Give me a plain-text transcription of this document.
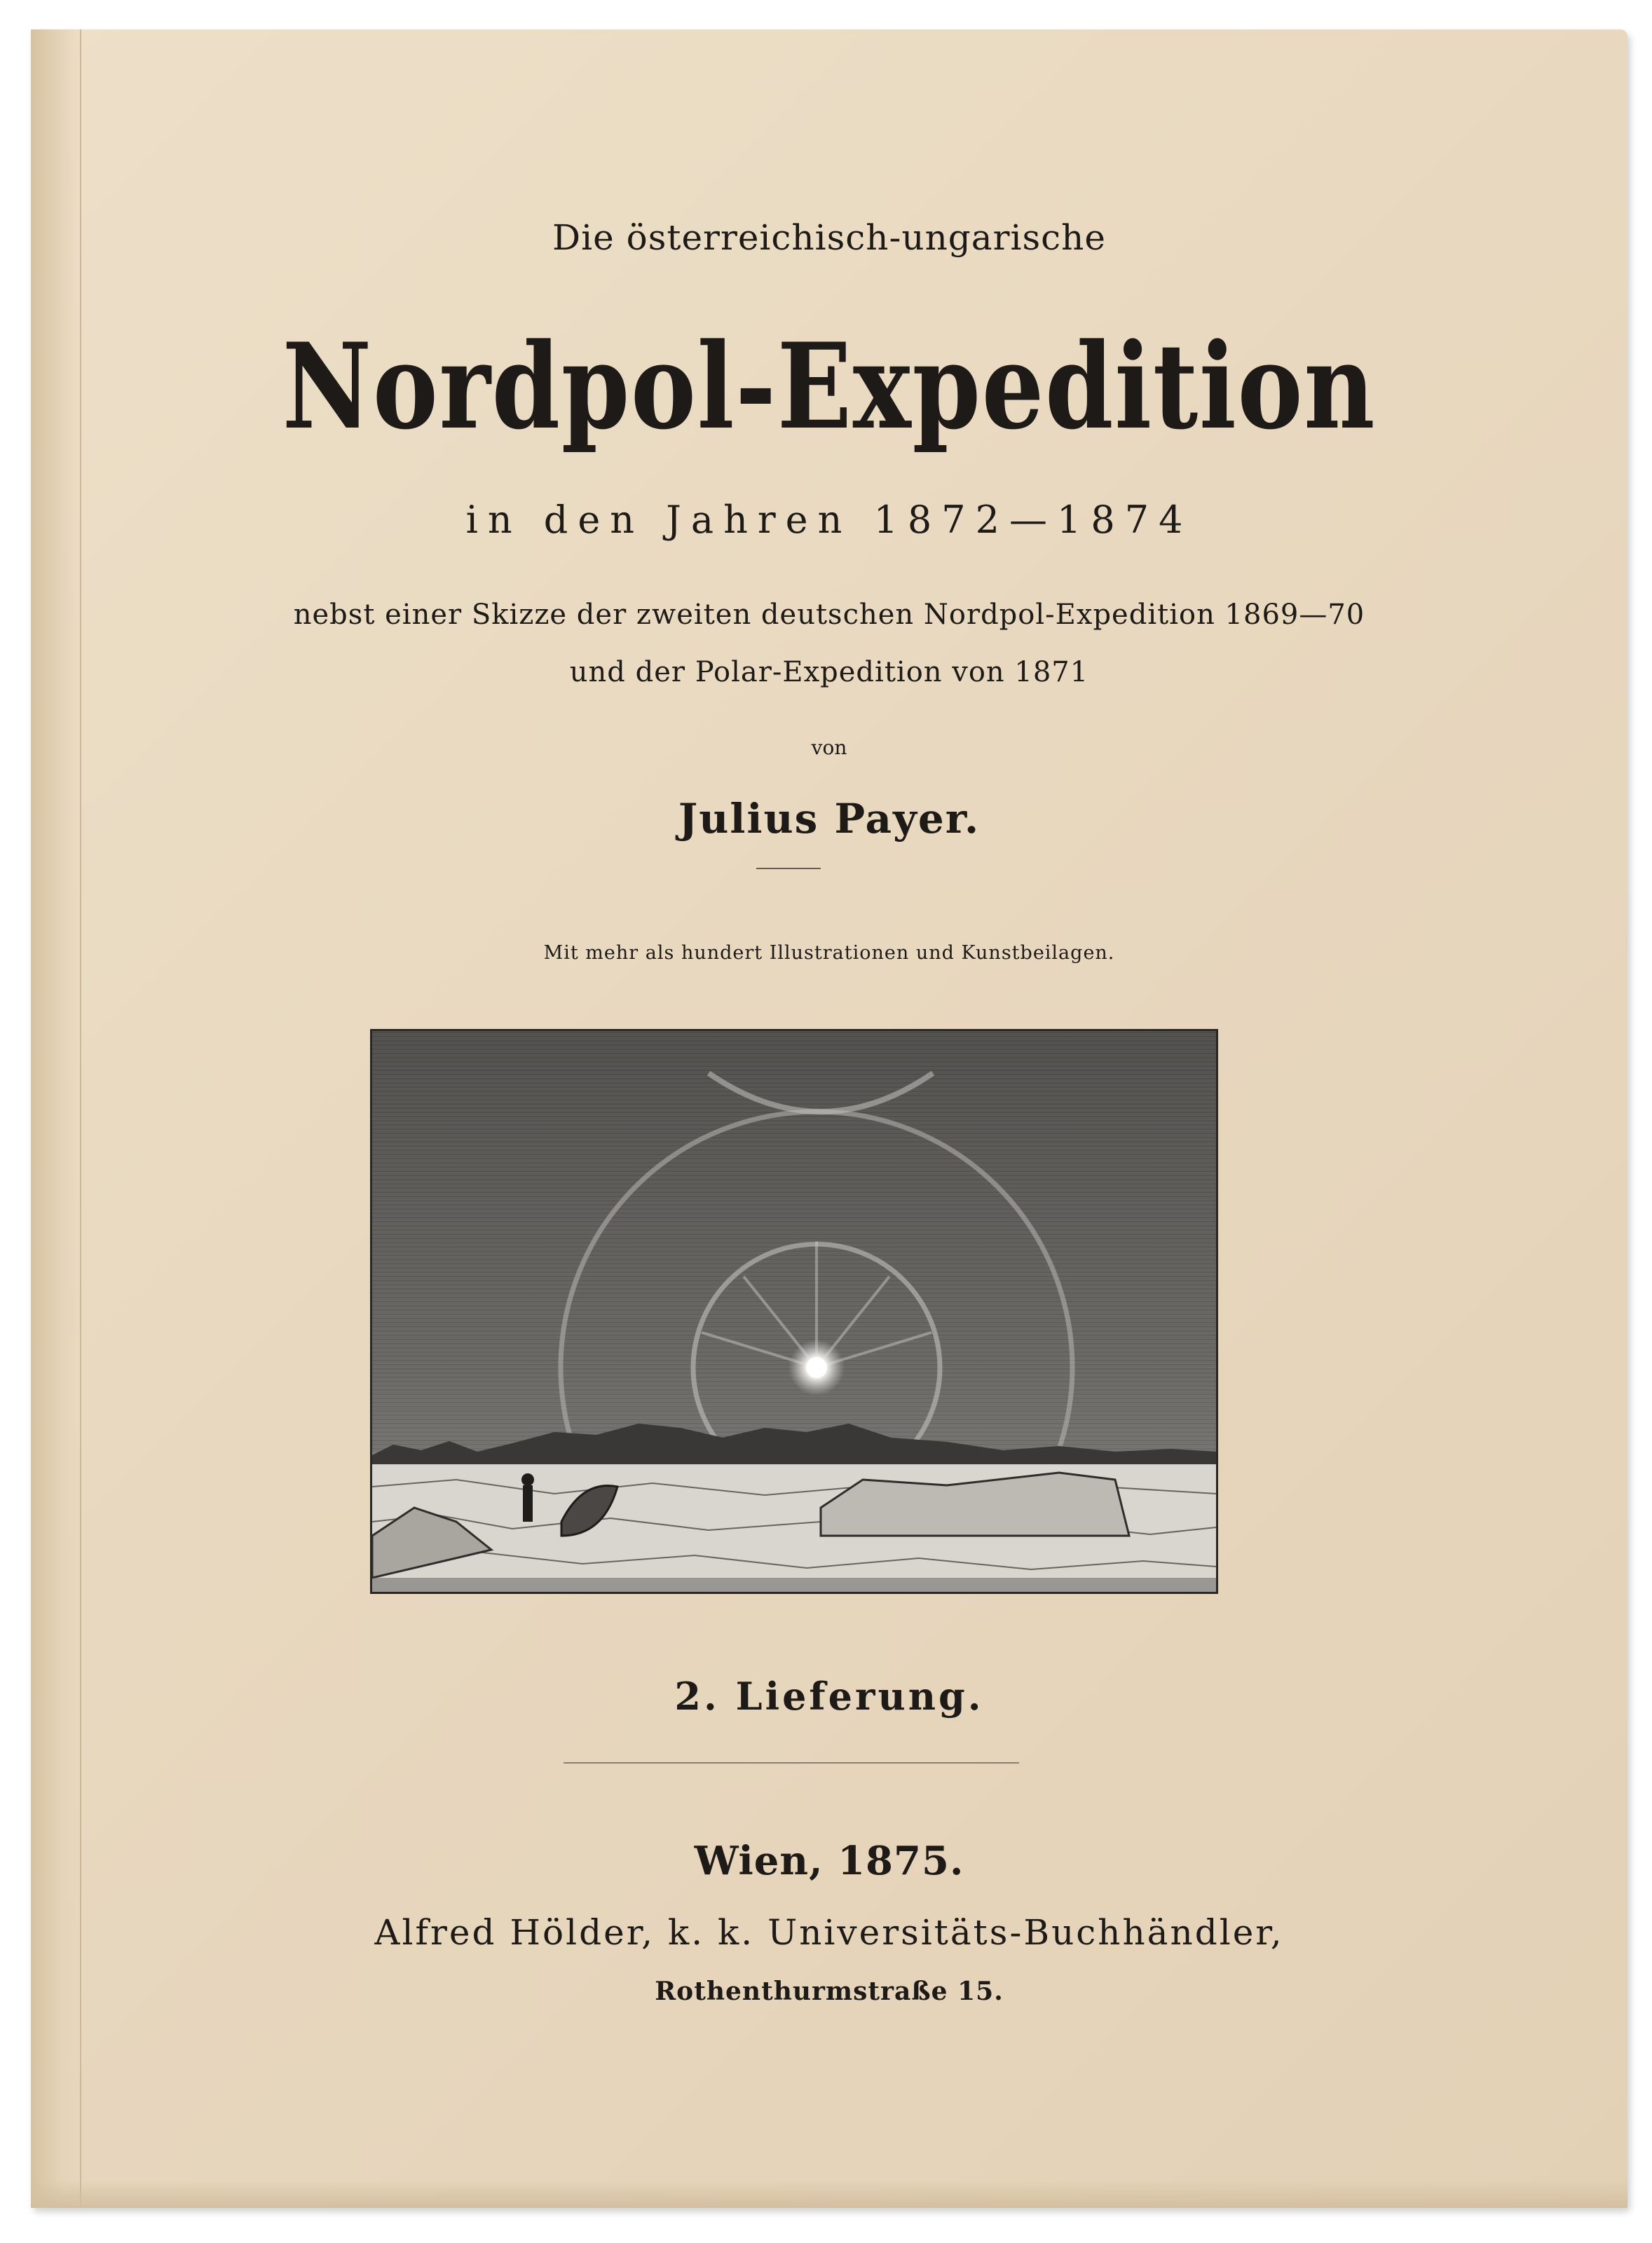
Die österreichisch-ungarische
Nordpol-Expedition
in den Jahren 1872—1874
nebst einer Skizze der zweiten deutschen Nordpol-Expedition 1869—70
und der Polar-Expedition von 1871
von
Julius Payer.
Mit mehr als hundert Illustrationen und Kunstbeilagen.
2. Lieferung.
Wien, 1875.
Alfred Hölder, k. k. Universitäts-Buchhändler,
Rothenthurmstraße 15.
